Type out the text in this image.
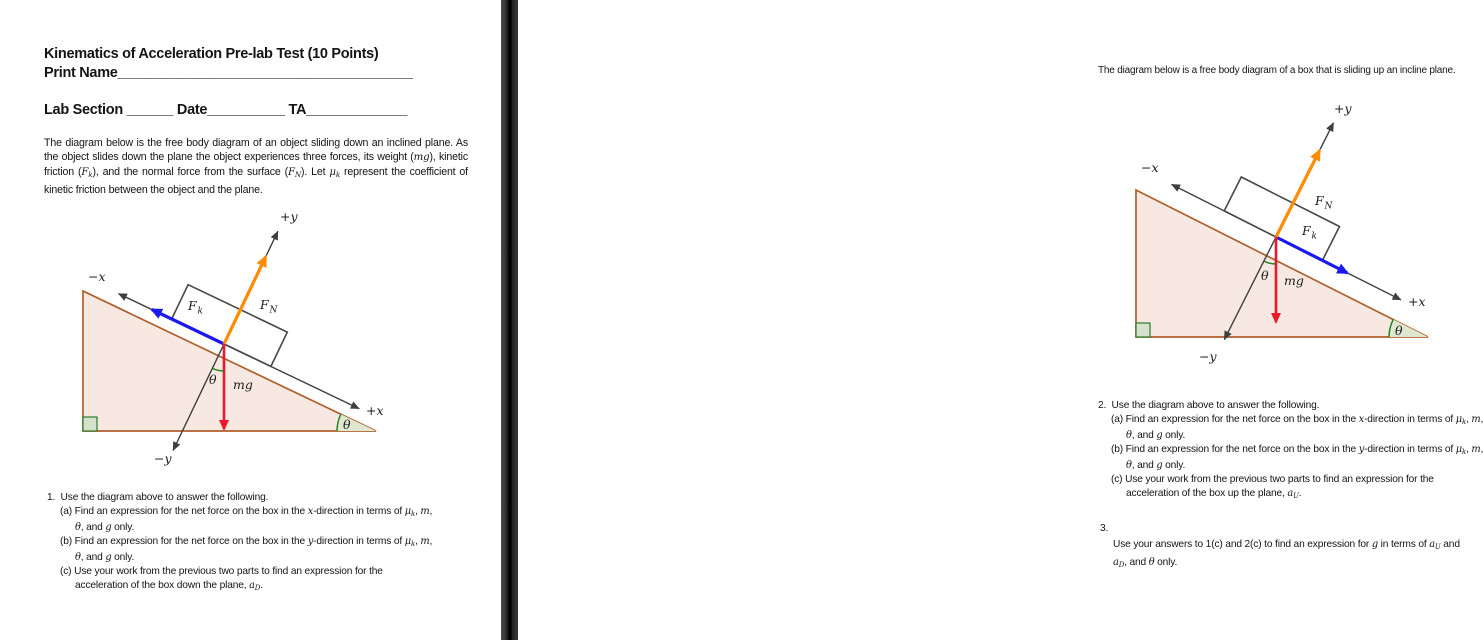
Kinematics of Acceleration Pre-lab Test (10 Points)
Print Name______________________________________
Lab Section ______ Date__________ TA_____________

The diagram below is the free body diagram of an object sliding down an inclined plane. As the object slides down the plane the object experiences three forces, its weight (mg), kinetic friction (Fk), and the normal force from the surface (FN). Let μk represent the coefficient of kinetic friction between the object and the plane.

+y
−x
+x
−y
F k	F N
mg
θ
θ
1.  Use the diagram above to answer the following.
(a) Find an expression for the net force on the box in the x-direction in terms of μk, m,
θ, and g only.
(b) Find an expression for the net force on the box in the y-direction in terms of μk, m,
θ, and g only.
(c) Use your work from the previous two parts to find an expression for the
acceleration of the box down the plane, aD.

The diagram below is a free body diagram of a box that is sliding up an incline plane.

+y
−x
+x
−y
F N
F k
mg
θ
θ
2.  Use the diagram above to answer the following.
(a) Find an expression for the net force on the box in the x-direction in terms of μk, m,
θ, and g only.
(b) Find an expression for the net force on the box in the y-direction in terms of μk, m,
θ, and g only.
(c) Use your work from the previous two parts to find an expression for the
acceleration of the box up the plane, aU.
3.
Use your answers to 1(c) and 2(c) to find an expression for g in terms of aU and
aD, and θ only.
